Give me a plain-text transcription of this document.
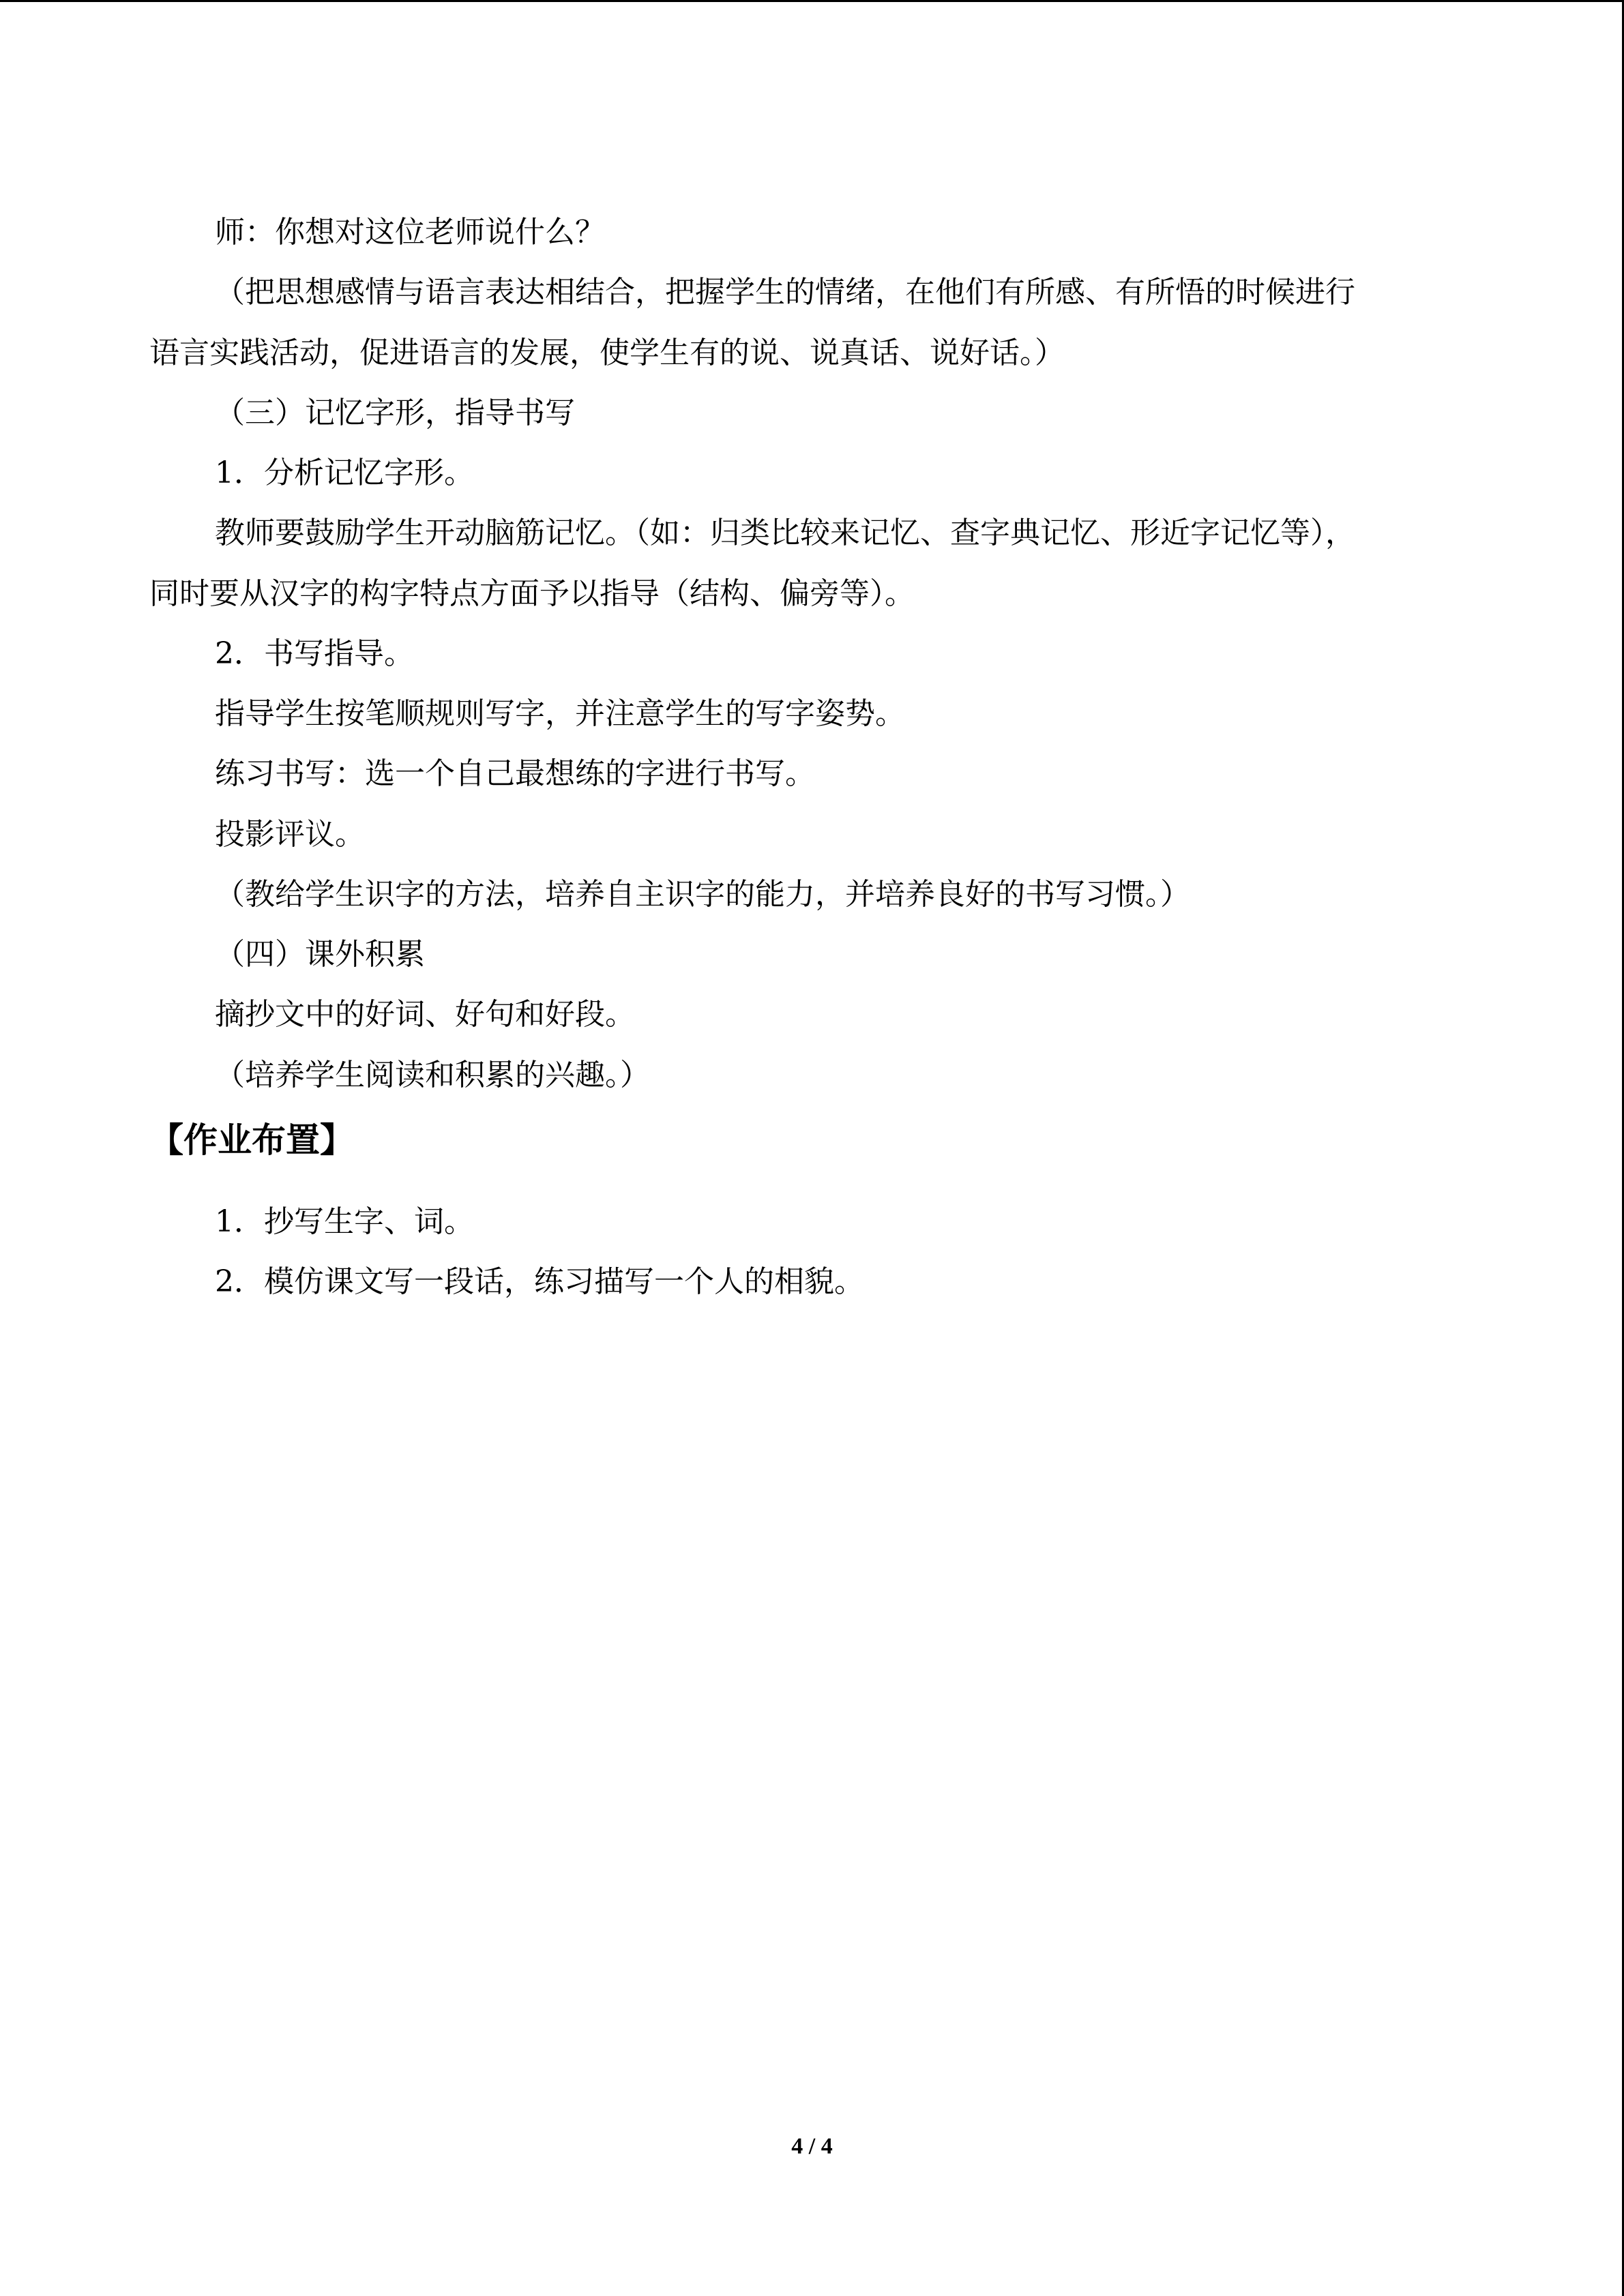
师：你想对这位老师说什么？
（把思想感情与语言表达相结合，把握学生的情绪，在他们有所感、有所悟的时候进行
语言实践活动，促进语言的发展，使学生有的说、说真话、说好话。）
（三）记忆字形，指导书写
1．分析记忆字形。
教师要鼓励学生开动脑筋记忆。（如：归类比较来记忆、查字典记忆、形近字记忆等），
同时要从汉字的构字特点方面予以指导（结构、偏旁等）。
2．书写指导。
指导学生按笔顺规则写字，并注意学生的写字姿势。
练习书写：选一个自己最想练的字进行书写。
投影评议。
（教给学生识字的方法，培养自主识字的能力，并培养良好的书写习惯。）
（四）课外积累
摘抄文中的好词、好句和好段。
（培养学生阅读和积累的兴趣。）
【作业布置】
1．抄写生字、词。
2．模仿课文写一段话，练习描写一个人的相貌。
4 / 4
